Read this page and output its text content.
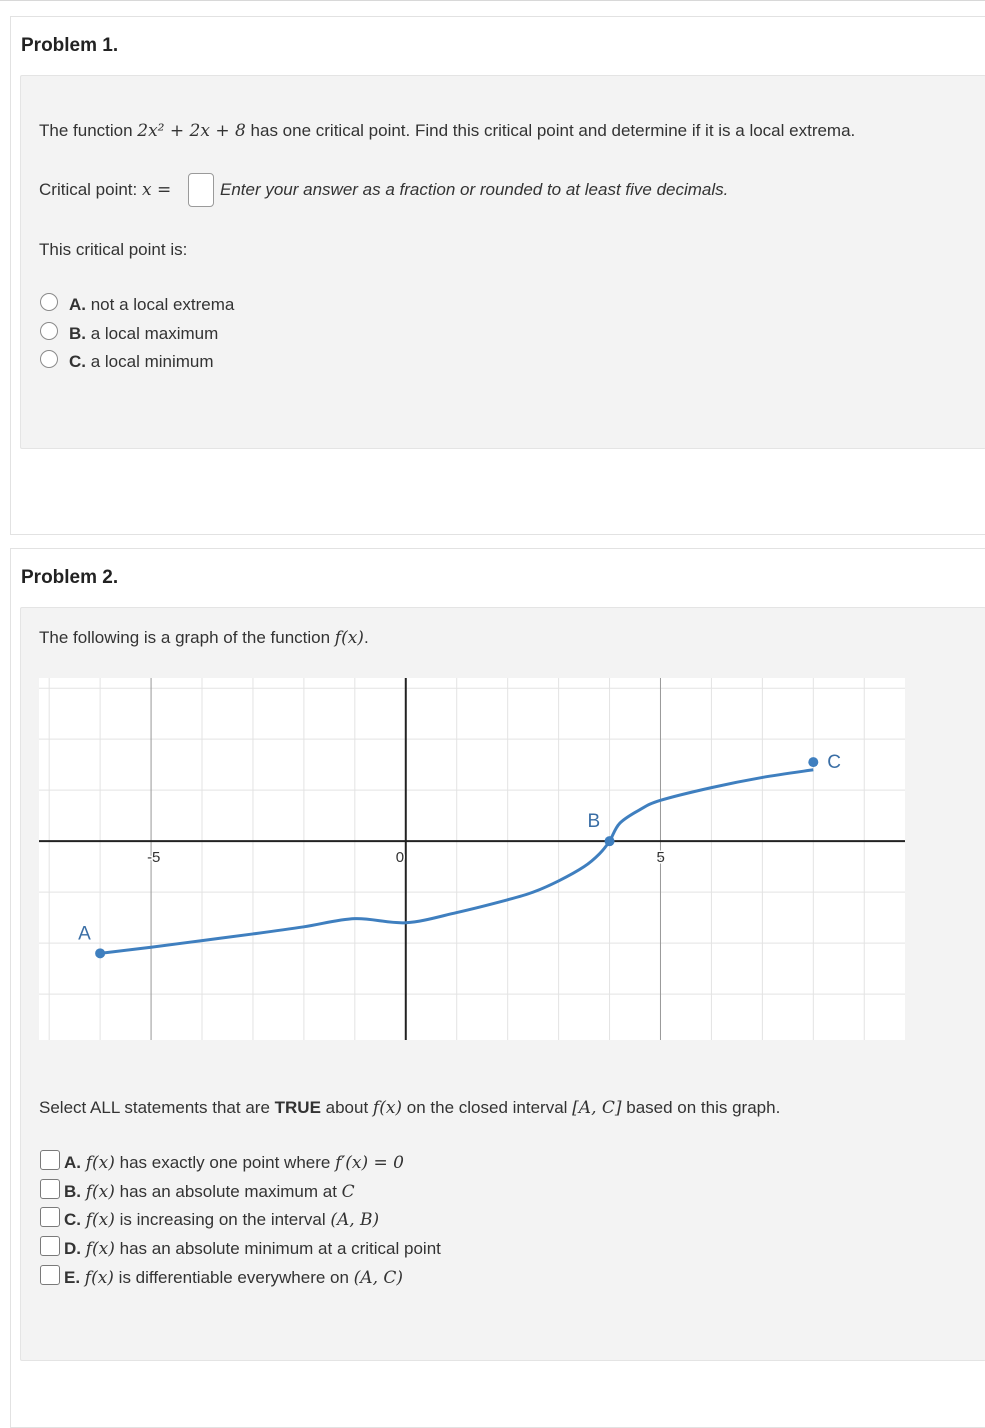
Problem 1.
The function 2x² + 2x + 8 has one critical point. Find this critical point and determine if it is a local extrema.
Critical point: x =	Enter your answer as a fraction or rounded to at least five decimals.
This critical point is:
A. not a local extrema
B. a local maximum
C. a local minimum
Problem 2.
The following is a graph of the function f(x).
-5	0	5
A
B
C
Select ALL statements that are TRUE about f(x) on the closed interval [A, C] based on this graph.
A. f(x) has exactly one point where f′(x) = 0
B. f(x) has an absolute maximum at C
C. f(x) is increasing on the interval (A, B)
D. f(x) has an absolute minimum at a critical point
E. f(x) is differentiable everywhere on (A, C)
